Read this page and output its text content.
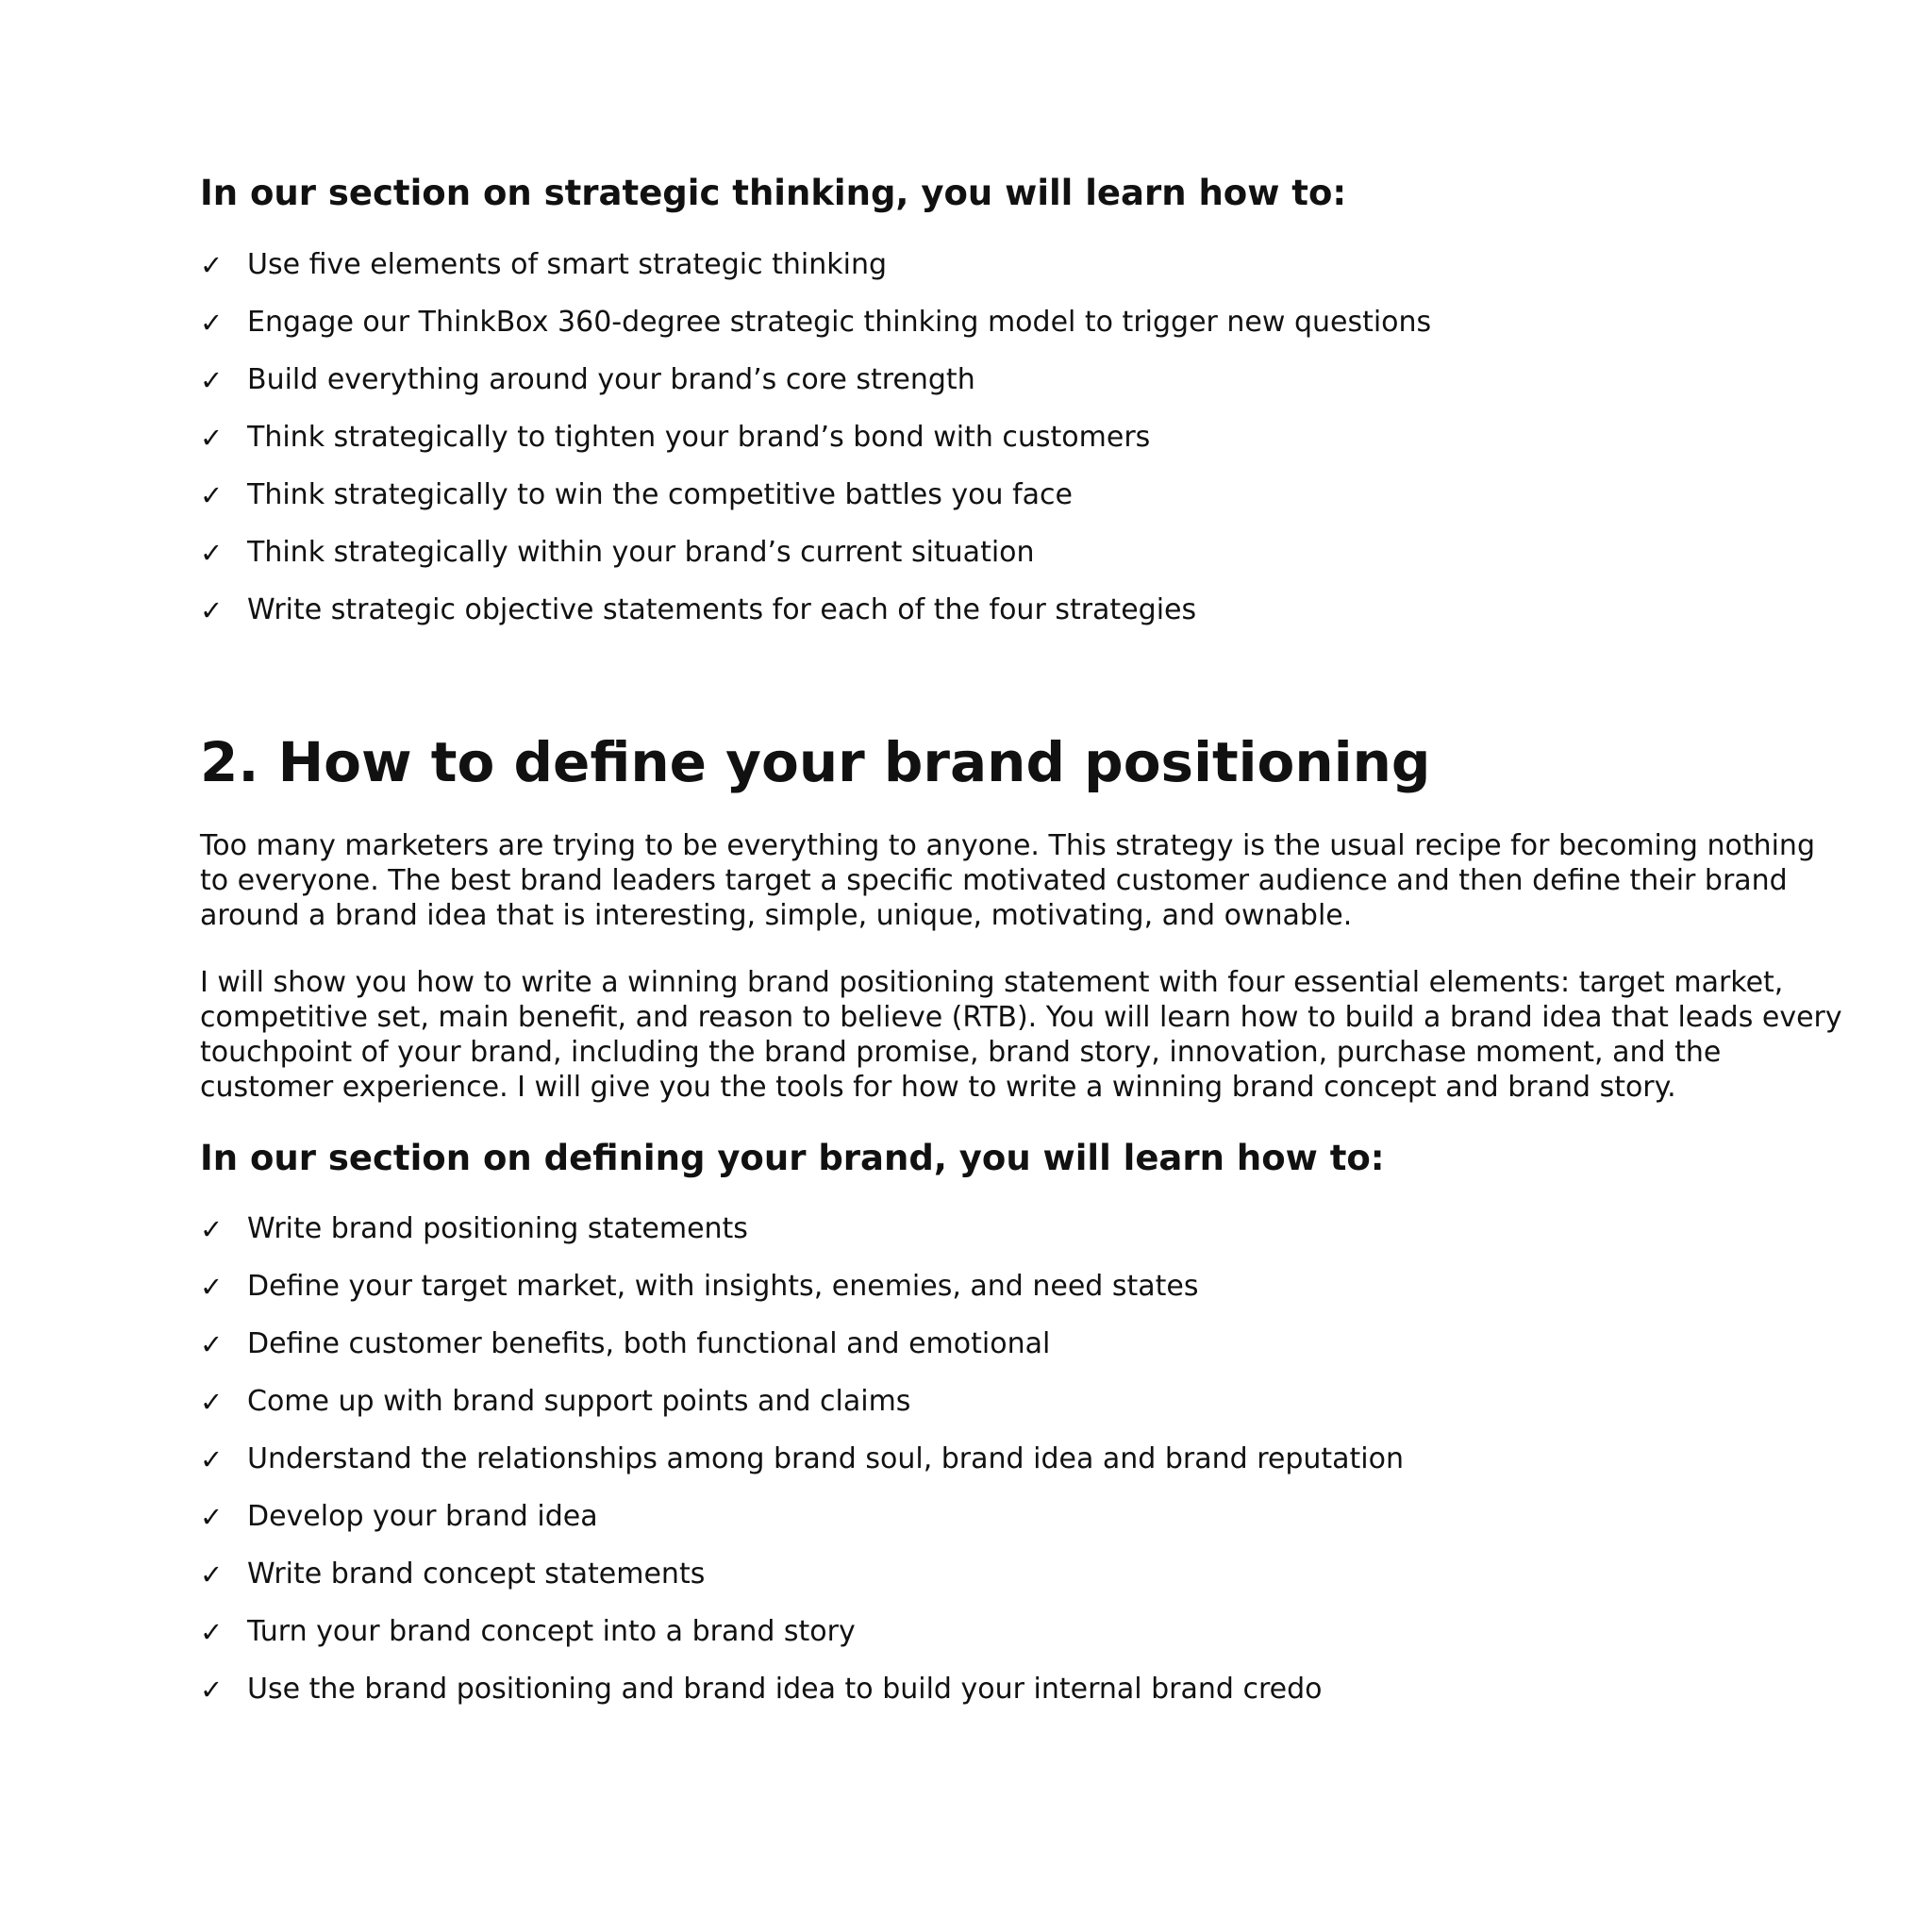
In our section on strategic thinking, you will learn how to:
✓ Use five elements of smart strategic thinking
✓ Engage our ThinkBox 360-degree strategic thinking model to trigger new questions
✓ Build everything around your brand’s core strength
✓ Think strategically to tighten your brand’s bond with customers
✓ Think strategically to win the competitive battles you face
✓ Think strategically within your brand’s current situation
✓ Write strategic objective statements for each of the four strategies
2. How to define your brand positioning

Too many marketers are trying to be everything to anyone. This strategy is the usual recipe for becoming nothing to everyone. The best brand leaders target a specific motivated customer audience and then define their brand around a brand idea that is interesting, simple, unique, motivating, and ownable.

I will show you how to write a winning brand positioning statement with four essential elements: target market, competitive set, main benefit, and reason to believe (RTB). You will learn how to build a brand idea that leads every touchpoint of your brand, including the brand promise, brand story, innovation, purchase moment, and the customer experience. I will give you the tools for how to write a winning brand concept and brand story.

In our section on defining your brand, you will learn how to:
✓ Write brand positioning statements
✓ Define your target market, with insights, enemies, and need states
✓ Define customer benefits, both functional and emotional
✓ Come up with brand support points and claims
✓ Understand the relationships among brand soul, brand idea and brand reputation
✓ Develop your brand idea
✓ Write brand concept statements
✓ Turn your brand concept into a brand story
✓ Use the brand positioning and brand idea to build your internal brand credo
